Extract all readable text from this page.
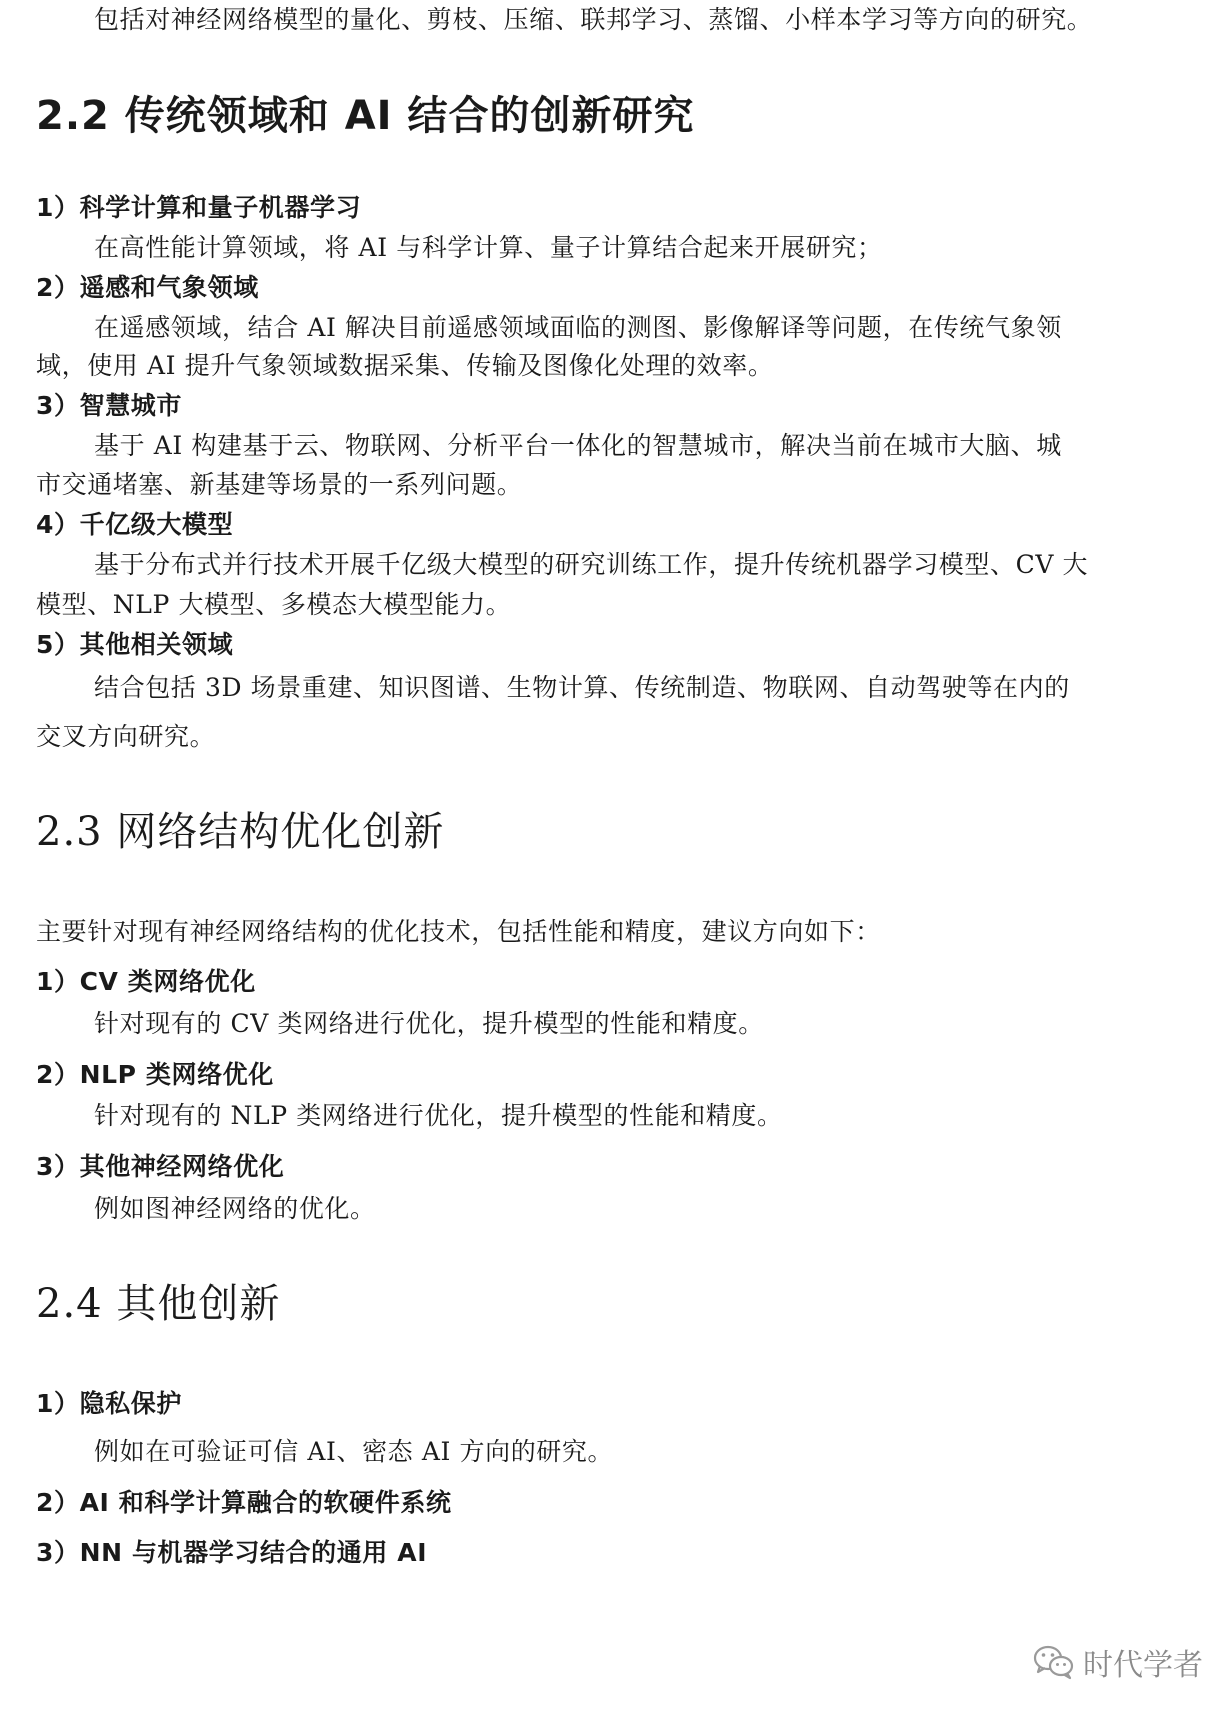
包括对神经网络模型的量化、剪枝、压缩、联邦学习、蒸馏、小样本学习等方向的研究。
2.2 传统领域和 AI 结合的创新研究
1）科学计算和量子机器学习
在高性能计算领域，将 AI 与科学计算、量子计算结合起来开展研究；
2）遥感和气象领域
在遥感领域，结合 AI 解决目前遥感领域面临的测图、影像解译等问题，在传统气象领
域，使用 AI 提升气象领域数据采集、传输及图像化处理的效率。
3）智慧城市
基于 AI 构建基于云、物联网、分析平台一体化的智慧城市，解决当前在城市大脑、城
市交通堵塞、新基建等场景的一系列问题。
4）千亿级大模型
基于分布式并行技术开展千亿级大模型的研究训练工作，提升传统机器学习模型、CV 大
模型、NLP 大模型、多模态大模型能力。
5）其他相关领域
结合包括 3D 场景重建、知识图谱、生物计算、传统制造、物联网、自动驾驶等在内的
交叉方向研究。
2.3 网络结构优化创新
主要针对现有神经网络结构的优化技术，包括性能和精度，建议方向如下：
1）CV 类网络优化
针对现有的 CV 类网络进行优化，提升模型的性能和精度。
2）NLP 类网络优化
针对现有的 NLP 类网络进行优化，提升模型的性能和精度。
3）其他神经网络优化
例如图神经网络的优化。
2.4 其他创新
1）隐私保护
例如在可验证可信 AI、密态 AI 方向的研究。
2）AI 和科学计算融合的软硬件系统
3）NN 与机器学习结合的通用 AI
时代学者
